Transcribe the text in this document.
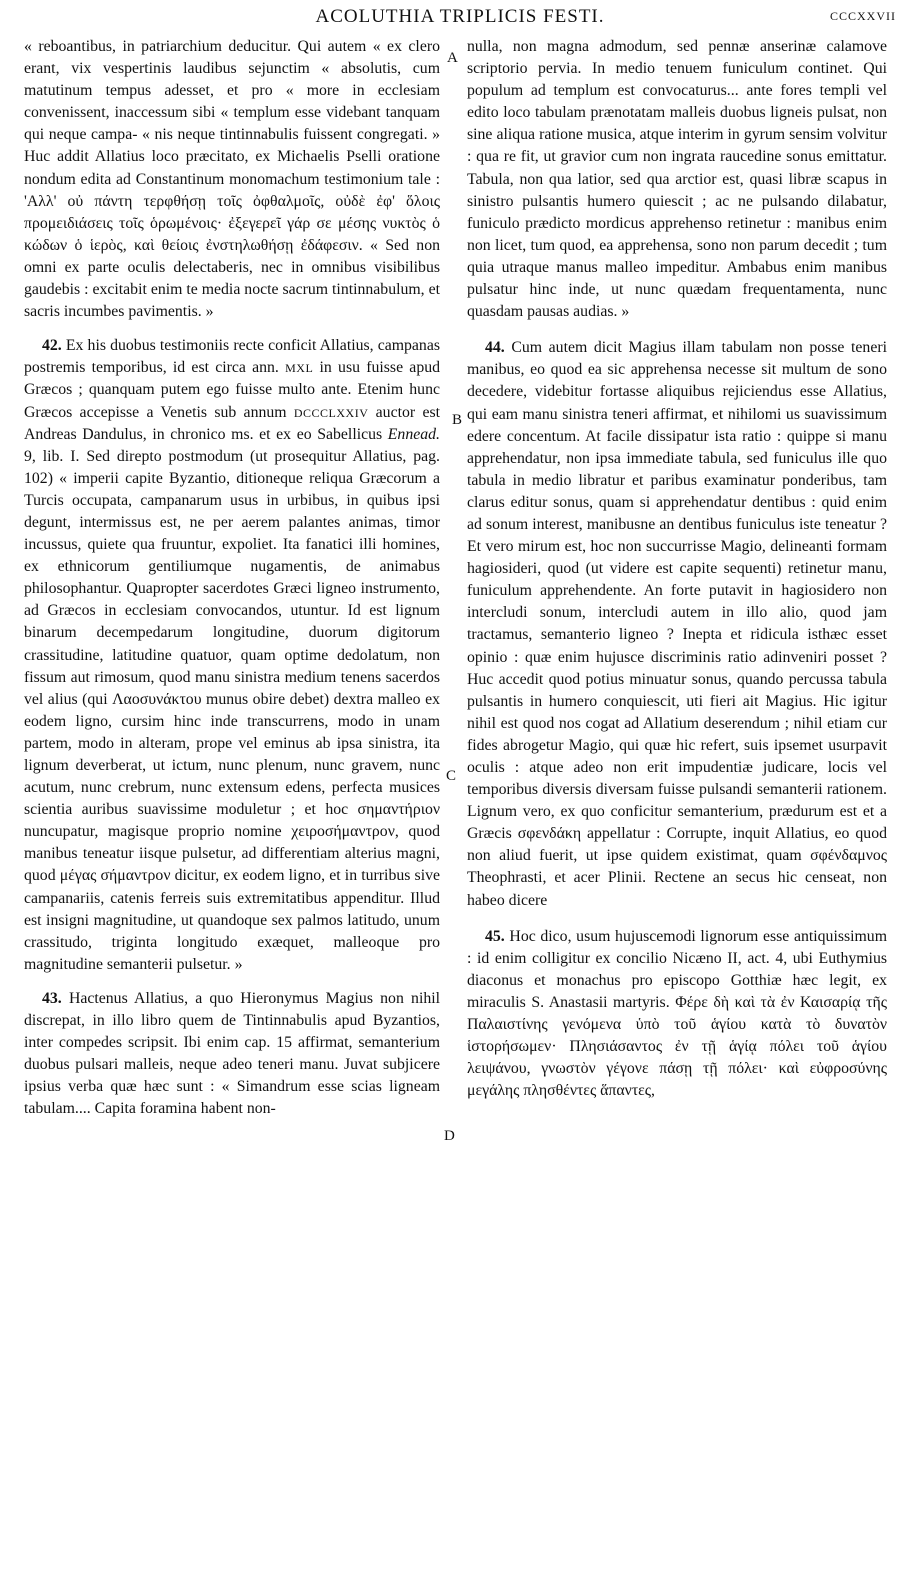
ACOLUTHIA TRIPLICIS FESTI.	CCCXXVII
A
B
C
D

« reboantibus, in patriarchium deducitur. Qui autem « ex clero erant, vix vespertinis laudibus sejunctim « absolutis, cum matutinum tempus adesset, et pro « more in ecclesiam convenissent, inaccessum sibi « templum esse videbant tanquam qui neque campa- « nis neque tintinnabulis fuissent congregati. » Huc addit Allatius loco præcitato, ex Michaelis Pselli oratione nondum edita ad Constantinum monomachum testimonium tale : 'Αλλ' οὐ πάντη τερφθήσῃ τοῖς ὀφθαλμοῖς, οὐδὲ ἐφ' ὅλοις προμειδιάσεις τοῖς ὁρωμένοις· ἐξεγερεῖ γάρ σε μέσης νυκτὸς ὁ κώδων ὁ ἱερὸς, καὶ θείοις ἐνστηλωθήσῃ ἐδάφεσιν. « Sed non omni ex parte oculis delectaberis, nec in omnibus visibilibus gaudebis : excitabit enim te media nocte sacrum tintinnabulum, et sacris incumbes pavimentis. »

42. Ex his duobus testimoniis recte conficit Allatius, campanas postremis temporibus, id est circa ann. MXL in usu fuisse apud Græcos ; quanquam putem ego fuisse multo ante. Etenim hunc Græcos accepisse a Venetis sub annum DCCCLXXIV auctor est Andreas Dandulus, in chronico ms. et ex eo Sabellicus Ennead. 9, lib. I. Sed direpto postmodum (ut prosequitur Allatius, pag. 102) « imperii capite Byzantio, ditioneque reliqua Græcorum a Turcis occupata, campanarum usus in urbibus, in quibus ipsi degunt, intermissus est, ne per aerem palantes animas, timor incussus, quiete qua fruuntur, expoliet. Ita fanatici illi homines, ex ethnicorum gentiliumque nugamentis, de animabus philosophantur. Quapropter sacerdotes Græci ligneo instrumento, ad Græcos in ecclesiam convocandos, utuntur. Id est lignum binarum decempedarum longitudine, duorum digitorum crassitudine, latitudine quatuor, quam optime dedolatum, non fissum aut rimosum, quod manu sinistra medium tenens sacerdos vel alius (qui Λαοσυνάκτου munus obire debet) dextra malleo ex eodem ligno, cursim hinc inde transcurrens, modo in unam partem, modo in alteram, prope vel eminus ab ipsa sinistra, ita lignum deverberat, ut ictum, nunc plenum, nunc gravem, nunc acutum, nunc crebrum, nunc extensum edens, perfecta musices scientia auribus suavissime moduletur ; et hoc σημαντήριον nuncupatur, magisque proprio nomine χειροσήμαντρον, quod manibus teneatur iisque pulsetur, ad differentiam alterius magni, quod μέγας σήμαντρον dicitur, ex eodem ligno, et in turribus sive campanariis, catenis ferreis suis extremitatibus appenditur. Illud est insigni magnitudine, ut quandoque sex palmos latitudo, unum crassitudo, triginta longitudo exæquet, malleoque pro magnitudine semanterii pulsetur. »

43. Hactenus Allatius, a quo Hieronymus Magius non nihil discrepat, in illo libro quem de Tintinnabulis apud Byzantios, inter compedes scripsit. Ibi enim cap. 15 affirmat, semanterium duobus pulsari malleis, neque adeo teneri manu. Juvat subjicere ipsius verba quæ hæc sunt : « Simandrum esse scias ligneam tabulam.... Capita foramina habent non-

nulla, non magna admodum, sed pennæ anserinæ calamove scriptorio pervia. In medio tenuem funiculum continet. Qui populum ad templum est convocaturus... ante fores templi vel edito loco tabulam prænotatam malleis duobus ligneis pulsat, non sine aliqua ratione musica, atque interim in gyrum sensim volvitur : qua re fit, ut gravior cum non ingrata raucedine sonus emittatur. Tabula, non qua latior, sed qua arctior est, quasi libræ scapus in sinistro pulsantis humero quiescit ; ac ne pulsando dilabatur, funiculo prædicto mordicus apprehenso retinetur : manibus enim non licet, tum quod, ea apprehensa, sono non parum decedit ; tum quia utraque manus malleo impeditur. Ambabus enim manibus pulsatur hinc inde, ut nunc quædam frequentamenta, nunc quasdam pausas audias. »

44. Cum autem dicit Magius illam tabulam non posse teneri manibus, eo quod ea sic apprehensa necesse sit multum de sono decedere, videbitur fortasse aliquibus rejiciendus esse Allatius, qui eam manu sinistra teneri affirmat, et nihilomi us suavissimum edere concentum. At facile dissipatur ista ratio : quippe si manu apprehendatur, non ipsa immediate tabula, sed funiculus ille quo tabula in medio libratur et paribus examinatur ponderibus, tam clarus editur sonus, quam si apprehendatur dentibus : quid enim ad sonum interest, manibusne an dentibus funiculus iste teneatur ? Et vero mirum est, hoc non succurrisse Magio, delineanti formam hagiosideri, quod (ut videre est capite sequenti) retinetur manu, funiculum apprehendente. An forte putavit in hagiosidero non intercludi sonum, intercludi autem in illo alio, quod jam tractamus, semanterio ligneo ? Inepta et ridicula isthæc esset opinio : quæ enim hujusce discriminis ratio adinveniri posset ? Huc accedit quod potius minuatur sonus, quando percussa tabula pulsantis in humero conquiescit, uti fieri ait Magius. Hic igitur nihil est quod nos cogat ad Allatium deserendum ; nihil etiam cur fides abrogetur Magio, qui quæ hic refert, suis ipsemet usurpavit oculis : atque adeo non erit impudentiæ judicare, locis vel temporibus diversis diversam fuisse pulsandi semanterii rationem. Lignum vero, ex quo conficitur semanterium, prædurum est et a Græcis σφενδάκη appellatur : Corrupte, inquit Allatius, eo quod non aliud fuerit, ut ipse quidem existimat, quam σφένδαμνος Theophrasti, et acer Plinii. Rectene an secus hic censeat, non habeo dicere

45. Hoc dico, usum hujuscemodi lignorum esse antiquissimum : id enim colligitur ex concilio Nicæno II, act. 4, ubi Euthymius diaconus et monachus pro episcopo Gotthiæ hæc legit, ex miraculis S. Anastasii martyris. Φέρε δὴ καὶ τὰ ἐν Καισαρίᾳ τῆς Παλαιστίνης γενόμενα ὑπὸ τοῦ ἁγίου κατὰ τὸ δυνατὸν ἱστορήσωμεν· Πλησιάσαντος ἐν τῇ ἁγίᾳ πόλει τοῦ ἁγίου λειψάνου, γνωστὸν γέγονε πάσῃ τῇ πόλει· καὶ εὐφροσύνης μεγάλης πλησθέντες ἅπαντες,
